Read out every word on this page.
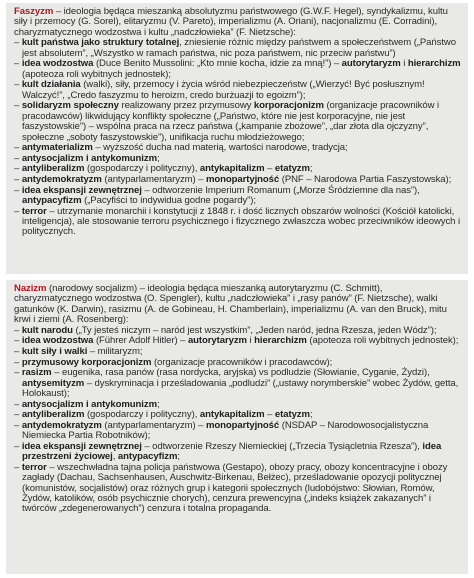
Faszyzm – ideologia będąca mieszanką absolutyzmu państwowego (G.W.F. Hegel), syndykalizmu, kultu siły i przemocy (G. Sorel), elitaryzmu (V. Pareto), imperializmu (A. Oriani), nacjonalizmu (E. Corradini), charyzmatycznego wodzostwa i kultu „nadczłowieka” (F. Nietzsche):

– kult państwa jako struktury totalnej, zniesienie różnic między państwem a społeczeństwem („Państwo jest absolutem”, „Wszystko w ramach państwa, nic poza państwem, nic przeciw państwu”)

– idea wodzostwa (Duce Benito Mussolini: „Kto mnie kocha, idzie za mną!”) – autorytaryzm i hierarchizm (apoteoza roli wybitnych jednostek);

– kult działania (walki), siły, przemocy i życia wśród niebezpieczeństw („Wierzyć! Być posłusznym! Walczyć!”, „Credo faszyzmu to heroizm, credo burżuazji to egoizm”);

– solidaryzm społeczny realizowany przez przymusowy korporacjonizm (organizacje pracowników i pracodawców) likwidujący konflikty społeczne („Państwo, które nie jest korporacyjne, nie jest faszystowskie”) – wspólna praca na rzecz państwa („kampanie zbożowe”, „dar złota dla ojczyzny”, społeczne „soboty faszystowskie”), unifikacja ruchu młodzieżowego;

– antymaterializm – wyższość ducha nad materią, wartości narodowe, tradycja;

– antysocjalizm i antykomunizm;

– antyliberalizm (gospodarczy i polityczny), antykapitalizm – etatyzm;

– antydemokratyzm (antyparlamentaryzm) – monopartyjność (PNF – Narodowa Partia Faszystowska);

– idea ekspansji zewnętrznej – odtworzenie Imperium Romanum („Morze Śródziemne dla nas”), antypacyfizm („Pacyfiści to indywidua godne pogardy”);

– terror – utrzymanie monarchii i konstytucji z 1848 r. i dość licznych obszarów wolności (Kościół katolicki, inteligencja), ale stosowanie terroru psychicznego i fizycznego zwłaszcza wobec przeciwników ideowych i politycznych.

Nazizm (narodowy socjalizm) – ideologia będąca mieszanką autorytaryzmu (C. Schmitt), charyzmatycznego wodzostwa (O. Spengler), kultu „nadczłowieka” i „rasy panów” (F. Nietzsche), walki gatunków (K. Darwin), rasizmu (A. de Gobineau, H. Chamberlain), imperializmu (A. van den Bruck), mitu krwi i ziemi (A. Rosenberg):

– kult narodu („Ty jesteś niczym – naród jest wszystkim”, „Jeden naród, jedna Rzesza, jeden Wódz”);

– idea wodzostwa (Führer Adolf Hitler) – autorytaryzm i hierarchizm (apoteoza roli wybitnych jednostek);

– kult siły i walki – militaryzm;

– przymusowy korporacjonizm (organizacje pracowników i pracodawców);

– rasizm – eugenika, rasa panów (rasa nordycka, aryjska) vs podludzie (Słowianie, Cyganie, Żydzi), antysemityzm – dyskryminacja i prześladowania „podludzi” („ustawy norymberskie” wobec Żydów, getta, Holokaust);

– antysocjalizm i antykomunizm;

– antyliberalizm (gospodarczy i polityczny), antykapitalizm – etatyzm;

– antydemokratyzm (antyparlamentaryzm) – monopartyjność (NSDAP – Narodowosocjalistyczna Niemiecka Partia Robotników);

– idea ekspansji zewnętrznej – odtworzenie Rzeszy Niemieckiej („Trzecia Tysiącletnia Rzesza”), idea przestrzeni życiowej, antypacyfizm;

– terror – wszechwładna tajna policja państwowa (Gestapo), obozy pracy, obozy koncentracyjne i obozy zagłady (Dachau, Sachsenhausen, Auschwitz-Birkenau, Bełżec), prześladowanie opozycji politycznej (komunistów, socjalistów) oraz różnych grup i kategorii społecznych (ludobójstwo: Słowian, Romów, Żydów, katolików, osób psychicznie chorych), cenzura prewencyjna („indeks książek zakazanych” i twórców „zdegenerowanych”) cenzura i totalna propaganda.
